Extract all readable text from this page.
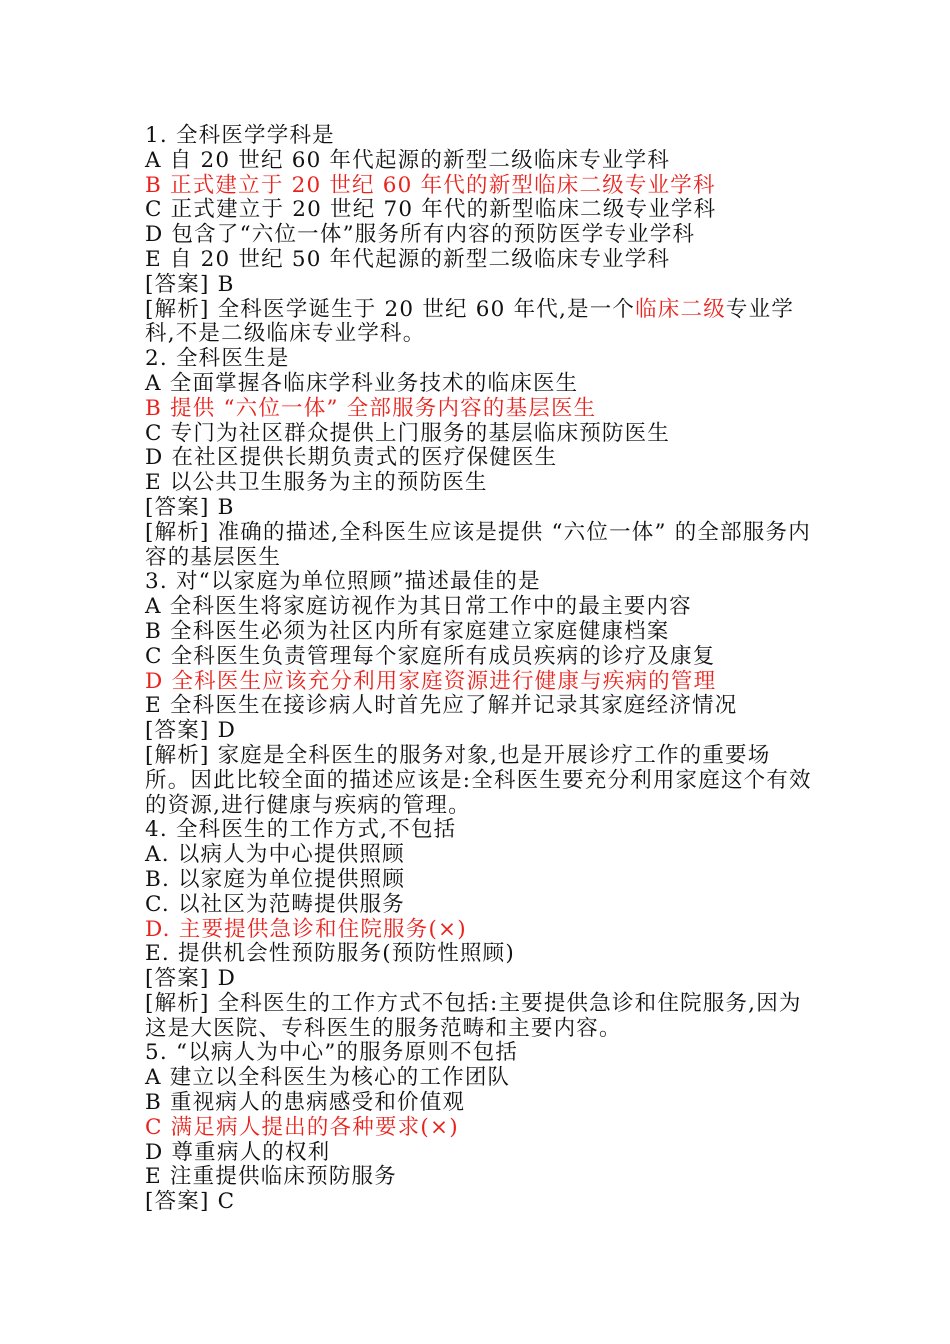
1. 全科医学学科是
A 自 20 世纪 60 年代起源的新型二级临床专业学科
B 正式建立于 20 世纪 60 年代的新型临床二级专业学科
C 正式建立于 20 世纪 70 年代的新型临床二级专业学科
D 包含了“六位一体”服务所有内容的预防医学专业学科
E 自 20 世纪 50 年代起源的新型二级临床专业学科
[答案] B
[解析] 全科医学诞生于 20 世纪 60 年代,是一个临床二级专业学科,不是二级临床专业学科。
2. 全科医生是
A 全面掌握各临床学科业务技术的临床医生
B 提供 “六位一体” 全部服务内容的基层医生
C 专门为社区群众提供上门服务的基层临床预防医生
D 在社区提供长期负责式的医疗保健医生
E 以公共卫生服务为主的预防医生
[答案] B
[解析] 准确的描述,全科医生应该是提供 “六位一体” 的全部服务内容的基层医生
3. 对“以家庭为单位照顾”描述最佳的是
A 全科医生将家庭访视作为其日常工作中的最主要内容
B 全科医生必须为社区内所有家庭建立家庭健康档案
C 全科医生负责管理每个家庭所有成员疾病的诊疗及康复
D 全科医生应该充分利用家庭资源进行健康与疾病的管理
E 全科医生在接诊病人时首先应了解并记录其家庭经济情况
[答案] D
[解析] 家庭是全科医生的服务对象,也是开展诊疗工作的重要场所。因此比较全面的描述应该是:全科医生要充分利用家庭这个有效的资源,进行健康与疾病的管理。
4. 全科医生的工作方式,不包括
A. 以病人为中心提供照顾
B. 以家庭为单位提供照顾
C. 以社区为范畴提供服务
D. 主要提供急诊和住院服务(×)
E. 提供机会性预防服务(预防性照顾)
[答案] D
[解析] 全科医生的工作方式不包括:主要提供急诊和住院服务,因为这是大医院、专科医生的服务范畴和主要内容。
5. “以病人为中心”的服务原则不包括
A 建立以全科医生为核心的工作团队
B 重视病人的患病感受和价值观
C 满足病人提出的各种要求(×)
D 尊重病人的权利
E 注重提供临床预防服务
[答案] C
